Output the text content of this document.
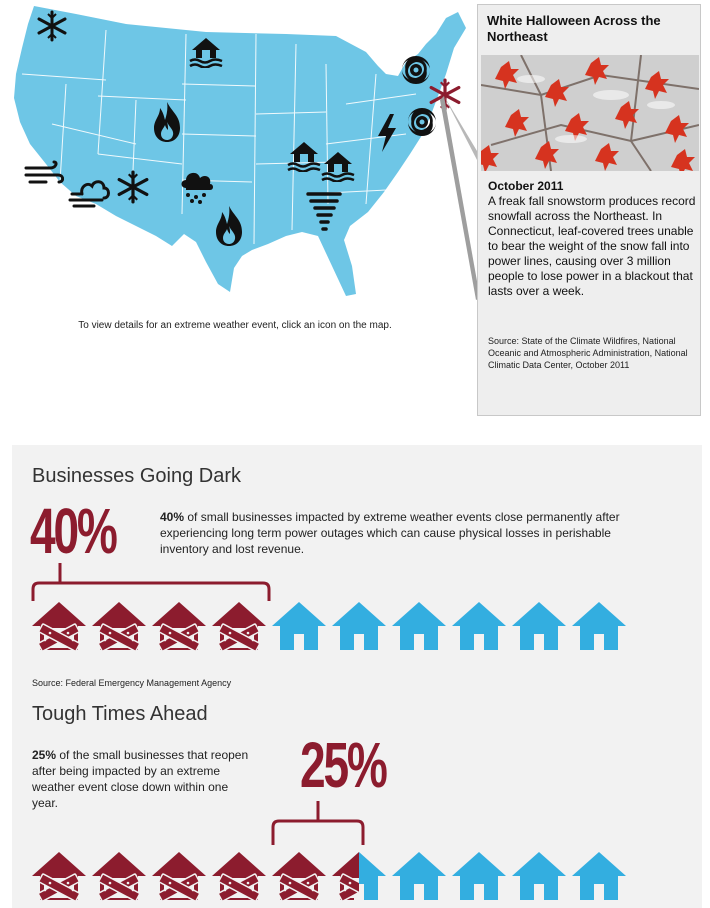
To view details for an extreme weather event, click an icon on the map.
White Halloween Across the Northeast
October 2011
A freak fall snowstorm produces record snowfall across the Northeast. In Connecticut, leaf-covered trees unable to bear the weight of the snow fall into power lines, causing over 3 million people to lose power in a blackout that lasts over a week.
Source: State of the Climate Wildfires, National Oceanic and Atmospheric Administration, National Climatic Data Center, October 2011
Businesses Going Dark
40%	40% of small businesses impacted by extreme weather events close permanently after experiencing long term power outages which can cause physical losses in perishable inventory and lost revenue.
Source: Federal Emergency Management Agency
Tough Times Ahead
25% of the small businesses that reopen after being impacted by an extreme weather event close down within one year.
25%
